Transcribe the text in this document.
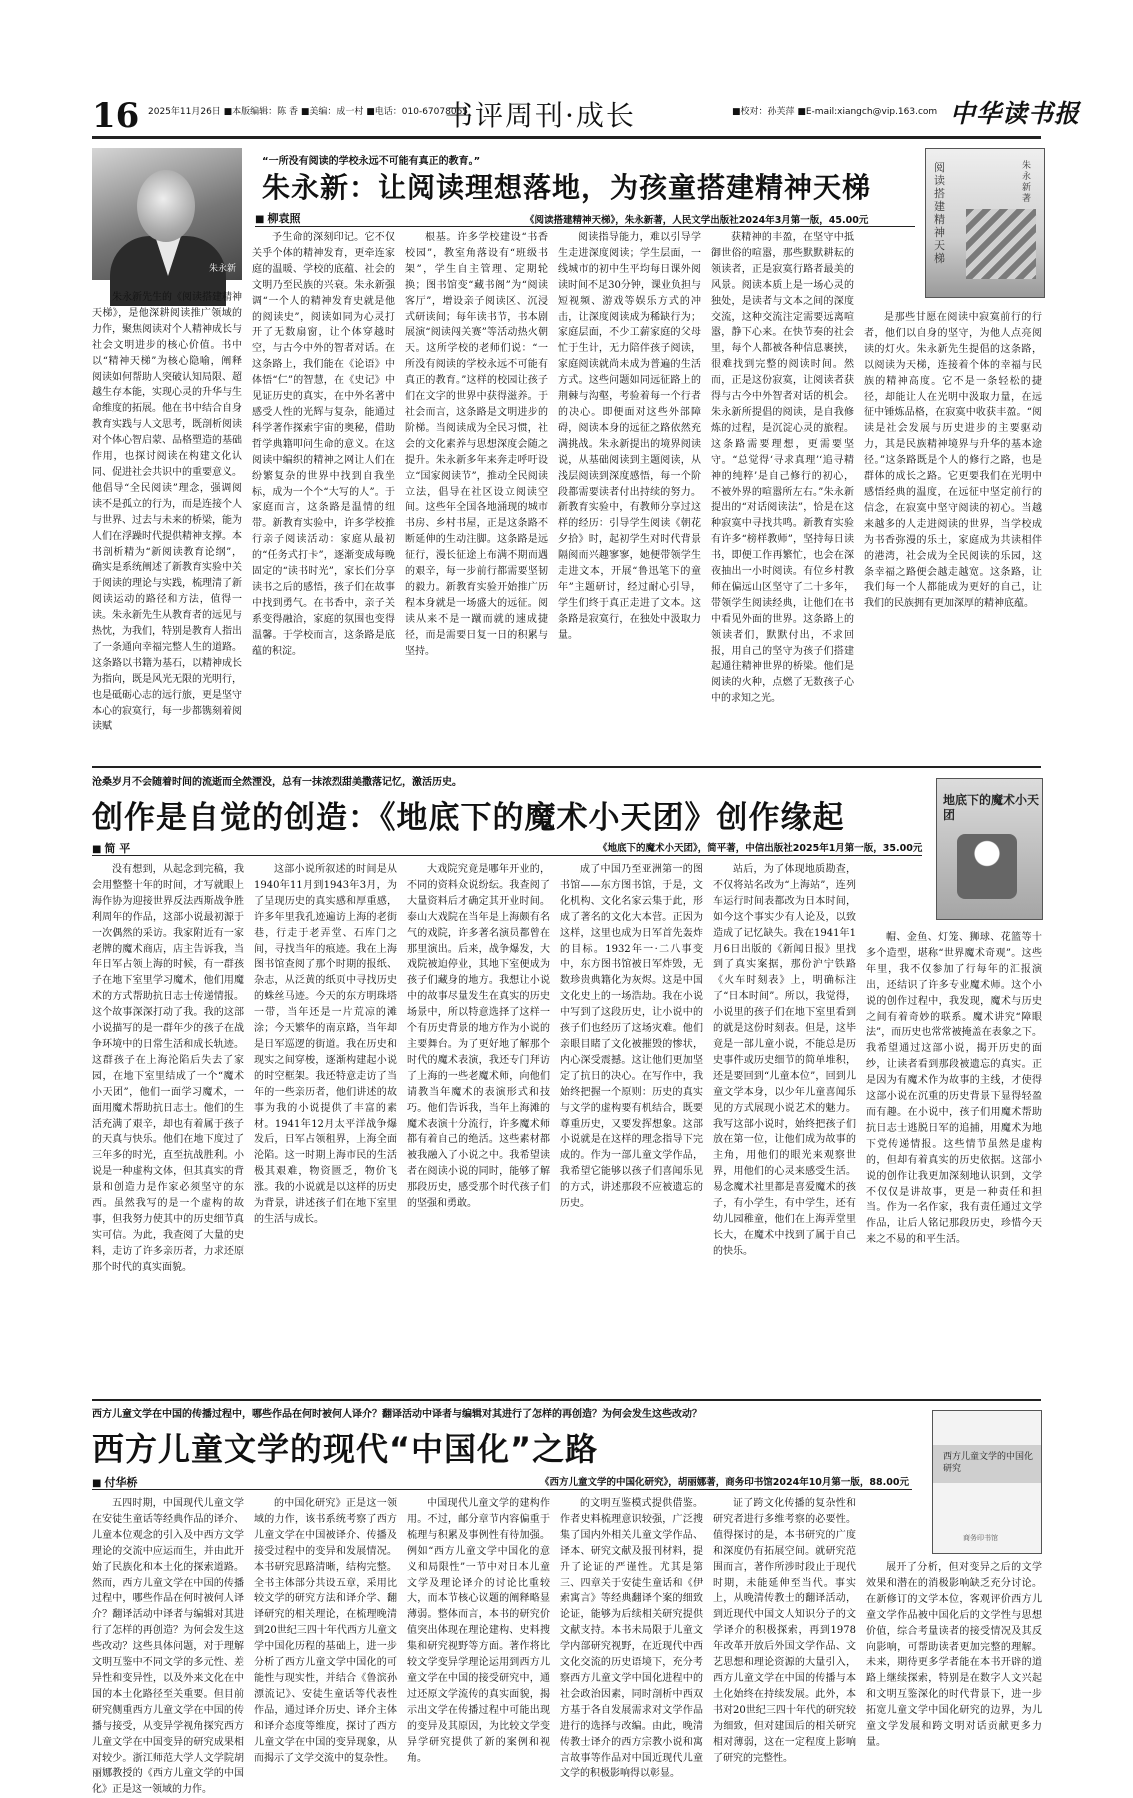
16 2025年11月26日 ■本版编辑：陈 香 ■美编：成一村 ■电话：010-67078065
书评周刊·成长	■校对：孙芙萍 ■E-mail:xiangch@vip.163.com 中华读书报
朱永新
“一所没有阅读的学校永远不可能有真正的教育。”
朱永新：让阅读理想落地，为孩童搭建精神天梯
■ 柳袁照	《阅读搭建精神天梯》，朱永新著，人民文学出版社2024年3月第一版，45.00元
阅读搭建精神天梯
朱永新著
朱永新先生的《阅读搭建精神天梯》，是他深耕阅读推广领域的力作，聚焦阅读对个人精神成长与社会文明进步的核心价值。书中以“精神天梯”为核心隐喻，阐释阅读如何帮助人突破认知局限、超越生存本能，实现心灵的升华与生命维度的拓展。他在书中结合自身教育实践与人文思考，既剖析阅读对个体心智启蒙、品格塑造的基础作用，也探讨阅读在构建文化认同、促进社会共识中的重要意义。他倡导“全民阅读”理念，强调阅读不是孤立的行为，而是连接个人与世界、过去与未来的桥梁，能为人们在浮躁时代提供精神支撑。本书剖析精为“新阅读教育论纲”，确实是系统阐述了新教育实验中关于阅读的理论与实践，梳理清了新阅读运动的路径和方法，值得一读。朱永新先生从教育者的远见与热忱，为我们，特别是教育人指出了一条通向幸福完整人生的道路。这条路以书籍为基石，以精神成长为指向，既是风光无限的光明行，也是砥砺心志的远行旅，更是坚守本心的寂寞行，每一步都镌刻着阅读赋
予生命的深刻印记。它不仅关乎个体的精神发育，更牵连家庭的温暖、学校的底蕴、社会的文明乃至民族的兴衰。朱永新强调“一个人的精神发育史就是他的阅读史”，阅读如同为心灵打开了无数扇窗，让个体穿越时空，与古今中外的智者对话。在这条路上，我们能在《论语》中体悟“仁”的智慧，在《史记》中见证历史的真实，在中外名著中感受人性的光辉与复杂，能通过科学著作探索宇宙的奥秘，借助哲学典籍叩问生命的意义。在这阅读中编织的精神之网让人们在纷繁复杂的世界中找到自我坐标，成为一个个“大写的人”。于家庭而言，这条路是温情的纽带。新教育实验中，许多学校推行亲子阅读活动：家庭从最初的“任务式打卡”，逐渐变成每晚固定的“读书时光”，家长们分享读书之后的感悟，孩子们在故事中找到勇气。在书香中，亲子关系变得融洽，家庭的氛围也变得温馨。于学校而言，这条路是底蕴的积淀。
根基。许多学校建设“书香校园”，教室角落设有“班级书架”，学生自主管理、定期轮换；图书馆变“藏书阁”为“阅读客厅”，增设亲子阅读区、沉浸式研读间；每年读书节，书本剧展演“阅读闯关赛”等活动热火朝天。这所学校的老师们说：“一所没有阅读的学校永远不可能有真正的教育。”这样的校园让孩子们在文字的世界中获得滋养。于社会而言，这条路是文明进步的阶梯。当阅读成为全民习惯，社会的文化素养与思想深度会随之提升。朱永新多年来奔走呼吁设立“国家阅读节”，推动全民阅读立法，倡导在社区设立阅读空间。这些年全国各地涌现的城市书房、乡村书屋，正是这条路不断延伸的生动注脚。这条路是远征行，漫长征途上布满不期而遇的艰辛，每一步前行都需要坚韧的毅力。新教育实验开始推广历程本身就是一场盛大的远征。阅读从来不是一蹴而就的速成捷径，而是需要日复一日的积累与坚持。
阅读指导能力，难以引导学生走进深度阅读；学生层面，一线城市的初中生平均每日课外阅读时间不足30分钟，课业负担与短视频、游戏等娱乐方式的冲击，让深度阅读成为稀缺行为；家庭层面，不少工薪家庭的父母忙于生计，无力陪伴孩子阅读，家庭阅读就尚未成为普遍的生活方式。这些问题如同远征路上的荆棘与沟壑，考验着每一个行者的决心。即便面对这些外部障碍，阅读本身的远征之路依然充满挑战。朱永新提出的境界阅读说，从基础阅读到主题阅读，从浅层阅读到深度感悟，每一个阶段都需要读者付出持续的努力。新教育实验中，有教师分享过这样的经历：引导学生阅读《朝花夕拾》时，起初学生对时代背景隔阂而兴趣寥寥，她便带领学生走进文本，开展“鲁迅笔下的童年”主题研讨，经过耐心引导，学生们终于真正走进了文本。这条路是寂寞行，在独处中汲取力量。
获精神的丰盈，在坚守中抵御世俗的喧嚣，那些默默耕耘的领读者，正是寂寞行路者最美的风景。阅读本质上是一场心灵的独处，是读者与文本之间的深度交流，这种交流注定需要远离喧嚣，静下心来。在快节奏的社会里，每个人都被各种信息裹挟，很难找到完整的阅读时间。然而，正是这份寂寞，让阅读者获得与古今中外智者对话的机会。朱永新所提倡的阅读，是自我修炼的过程，是沉淀心灵的旅程。这条路需要理想，更需要坚守。“总觉得‘寻求真理’‘追寻精神的纯粹’是自己修行的初心，不被外界的喧嚣所左右。”朱永新提出的“对话阅读法”，恰是在这种寂寞中寻找共鸣。新教育实验有许多“榜样教师”，坚持每日读书，即便工作再繁忙，也会在深夜抽出一小时阅读。有位乡村教师在偏远山区坚守了二十多年，带领学生阅读经典，让他们在书中看见外面的世界。这条路上的领读者们，默默付出，不求回报，用自己的坚守为孩子们搭建起通往精神世界的桥梁。他们是阅读的火种，点燃了无数孩子心中的求知之光。
是那些甘愿在阅读中寂寞前行的行者，他们以自身的坚守，为他人点亮阅读的灯火。朱永新先生提倡的这条路，以阅读为天梯，连接着个体的幸福与民族的精神高度。它不是一条轻松的捷径，却能让人在光明中汲取力量，在远征中锤炼品格，在寂寞中收获丰盈。“阅读是社会发展与历史进步的主要驱动力，其是民族精神境界与升华的基本途径。”这条路既是个人的修行之路，也是群体的成长之路。它更要我们在光明中感悟经典的温度，在远征中坚定前行的信念，在寂寞中坚守阅读的初心。当越来越多的人走进阅读的世界，当学校成为书香弥漫的乐土，家庭成为共读相伴的港湾，社会成为全民阅读的乐园，这条幸福之路便会越走越宽。这条路，让我们每一个人都能成为更好的自己，让我们的民族拥有更加深厚的精神底蕴。
沧桑岁月不会随着时间的流逝而全然湮没，总有一抹浓烈甜美撒落记忆，激活历史。
创作是自觉的创造：《地底下的魔术小天团》创作缘起
■ 简 平	《地底下的魔术小天团》，简平著，中信出版社2025年1月第一版，35.00元
地底下的魔术小天团
没有想到，从起念到完稿，我会用整整十年的时间，才写就眼上海作协为迎接世界反法西斯战争胜利周年的作品，这部小说最初源于一次偶然的采访。我家附近有一家老牌的魔术商店，店主告诉我，当年日军占领上海的时候，有一群孩子在地下室里学习魔术，他们用魔术的方式帮助抗日志士传递情报。这个故事深深打动了我。我的这部小说描写的是一群年少的孩子在战争环境中的日常生活和成长轨迹。这群孩子在上海沦陷后失去了家园，在地下室里结成了一个“魔术小天团”，他们一面学习魔术，一面用魔术帮助抗日志士。他们的生活充满了艰辛，却也有着属于孩子的天真与快乐。他们在地下度过了三年多的时光，直至抗战胜利。小说是一种虚构文体，但其真实的背景和创造力是作家必须坚守的东西。虽然我写的是一个虚构的故事，但我努力使其中的历史细节真实可信。为此，我查阅了大量的史料，走访了许多亲历者，力求还原那个时代的真实面貌。
这部小说所叙述的时间是从1940年11月到1943年3月，为了呈现历史的真实感和厚重感，许多年里我孔迹遍访上海的老街巷，行走于老弄堂、石库门之间，寻找当年的痕迹。我在上海图书馆查阅了那个时期的报纸、杂志，从泛黄的纸页中寻找历史的蛛丝马迹。今天的东方明珠塔一带，当年还是一片荒凉的滩涂；今天繁华的南京路，当年却是日军巡逻的街道。我在历史和现实之间穿梭，逐渐构建起小说的时空框架。我还特意走访了当年的一些亲历者，他们讲述的故事为我的小说提供了丰富的素材。1941年12月太平洋战争爆发后，日军占领租界，上海全面沦陷。这一时期上海市民的生活极其艰难，物资匮乏，物价飞涨。我的小说就是以这样的历史为背景，讲述孩子们在地下室里的生活与成长。
大戏院究竟是哪年开业的，不同的资料众说纷纭。我查阅了大量资料后才确定其开业时间。泰山大戏院在当年是上海颇有名气的戏院，许多著名演员都曾在那里演出。后来，战争爆发，大戏院被迫停业，其地下室便成为孩子们藏身的地方。我想让小说中的故事尽量发生在真实的历史场景中，所以特意选择了这样一个有历史背景的地方作为小说的主要舞台。为了更好地了解那个时代的魔术表演，我还专门拜访了上海的一些老魔术师，向他们请教当年魔术的表演形式和技巧。他们告诉我，当年上海滩的魔术表演十分流行，许多魔术师都有着自己的绝活。这些素材都被我融入了小说之中。我希望读者在阅读小说的同时，能够了解那段历史，感受那个时代孩子们的坚强和勇敢。
成了中国乃至亚洲第一的图书馆——东方图书馆，于是，文化机构、文化名家云集于此，形成了著名的文化大本营。正因为这样，这里也成为日军首先轰炸的目标。1932年一·二八事变中，东方图书馆被日军炸毁，无数珍贵典籍化为灰烬。这是中国文化史上的一场浩劫。我在小说中写到了这段历史，让小说中的孩子们也经历了这场灾难。他们亲眼目睹了文化被摧毁的惨状，内心深受震撼。这让他们更加坚定了抗日的决心。在写作中，我始终把握一个原则：历史的真实与文学的虚构要有机结合，既要尊重历史，又要发挥想象。这部小说就是在这样的理念指导下完成的。作为一部儿童文学作品，我希望它能够以孩子们喜闻乐见的方式，讲述那段不应被遗忘的历史。
站后，为了体现地质勘查，不仅将站名改为“上海站”，连列车运行时间表都改为日本时间，如今这个事实少有人论及，以致造成了记忆缺失。我在1941年1月6日出版的《新闻日报》里找到了真实案据，那份沪宁铁路《火车时刻表》上，明确标注了“日本时间”。所以，我觉得，小说里的孩子们在地下室里看到的就是这份时刻表。但是，这毕竟是一部儿童小说，不能总是历史事件或历史细节的简单堆积，还是要回到“儿童本位”，回到儿童文学本身，以少年儿童喜闻乐见的方式展现小说艺术的魅力。我写这部小说时，始终把孩子们放在第一位，让他们成为故事的主角，用他们的眼光来观察世界，用他们的心灵来感受生活。易念魔术社里都是喜爱魔术的孩子，有小学生，有中学生，还有幼儿园稚童，他们在上海弄堂里长大，在魔术中找到了属于自己的快乐。
帽、金鱼、灯笼、狮球、花篮等十多个造型，堪称“世界魔术奇观”。这些年里，我不仅参加了行每年的汇报演出，还结识了许多专业魔术师。这个小说的创作过程中，我发现，魔术与历史之间有着奇妙的联系。魔术讲究“障眼法”，而历史也常常被掩盖在表象之下。我希望通过这部小说，揭开历史的面纱，让读者看到那段被遗忘的真实。正是因为有魔术作为故事的主线，才使得这部小说在沉重的历史背景下显得轻盈而有趣。在小说中，孩子们用魔术帮助抗日志士逃脱日军的追捕，用魔术为地下党传递情报。这些情节虽然是虚构的，但却有着真实的历史依据。这部小说的创作让我更加深刻地认识到，文学不仅仅是讲故事，更是一种责任和担当。作为一名作家，我有责任通过文学作品，让后人铭记那段历史，珍惜今天来之不易的和平生活。
西方儿童文学在中国的传播过程中，哪些作品在何时被何人译介？翻译活动中译者与编辑对其进行了怎样的再创造？为何会发生这些改动？
西方儿童文学的现代“中国化”之路
■ 付华桥	《西方儿童文学的中国化研究》，胡丽娜著，商务印书馆2024年10月第一版，88.00元
西方儿童文学的中国化研究
商务印书馆
五四时期，中国现代儿童文学在安徒生童话等经典作品的译介、儿童本位观念的引入及中西方文学理论的交流中应运而生，并由此开始了民族化和本土化的探索道路。然而，西方儿童文学在中国的传播过程中，哪些作品在何时被何人译介？翻译活动中译者与编辑对其进行了怎样的再创造？为何会发生这些改动？这些具体问题，对于理解文明互鉴中不同文学的多元性、差异性和变异性，以及外来文化在中国的本土化路径至关重要。但目前研究侧重西方儿童文学在中国的传播与接受，从变异学视角探究西方儿童文学在中国变异的研究成果相对较少。浙江师范大学人文学院胡丽娜教授的《西方儿童文学的中国化》正是这一领域的力作。
的中国化研究》正是这一领域的力作，该书系统考察了西方儿童文学在中国被译介、传播及接受过程中的变异和发展情况。本书研究思路清晰，结构完整。全书主体部分共设五章，采用比较文学的研究方法和译介学、翻译研究的相关理论，在梳理晚清到20世纪三四十年代西方儿童文学中国化历程的基础上，进一步分析了西方儿童文学中国化的可能性与现实性，并结合《鲁滨孙漂流记》、安徒生童话等代表性作品，通过译介历史、译介主体和译介态度等维度，探讨了西方儿童文学在中国的变异现象，从而揭示了文学交流中的复杂性。
中国现代儿童文学的建构作用。不过，邮分章节内容偏重于梳理与积累及事例性有待加强。例如“西方儿童文学中国化的意义和局限性”一节中对日本儿童文学及理论译介的讨论比重较大，而本节核心议题的阐释略显薄弱。整体而言，本书的研究价值突出体现在理论建构、史料搜集和研究视野等方面。著作将比较文学变异学理论运用到西方儿童文学在中国的接受研究中，通过还原文学流传的真实面貌，揭示出文学在传播过程中可能出现的变异及其原因，为比较文学变异学研究提供了新的案例和视角。
的文明互鉴模式提供借鉴。作者史料梳理意识较强，广泛搜集了国内外相关儿童文学作品、译本、研究文献及报刊材料，提升了论证的严谨性。尤其是第三、四章关于安徒生童话和《伊索寓言》等经典翻译个案的细致论证，能够为后续相关研究提供文献支持。本书未局限于儿童文学内部研究视野，在近现代中西文化交流的历史语境下，充分考察西方儿童文学中国化进程中的社会政治因素，同时剖析中西双方基于各自发展需求对文学作品进行的选择与改编。由此，晚清传教士译介的西方宗教小说和寓言故事等作品对中国近现代儿童文学的积极影响得以彰显。
证了跨文化传播的复杂性和研究者进行多维考察的必要性。值得探讨的是，本书研究的广度和深度仍有拓展空间。就研究范围而言，著作所涉时段止于现代时期，未能延伸至当代。事实上，从晚清传教士的翻译活动，到近现代中国文人知识分子的文学译介的积极探索，再到1978年改革开放后外国文学作品、文艺思想和理论资源的大量引入，西方儿童文学在中国的传播与本土化始终在持续发展。此外，本书对20世纪三四十年代的研究较为细致，但对建国后的相关研究相对薄弱，这在一定程度上影响了研究的完整性。
展开了分析，但对变异之后的文学效果和潜在的消极影响缺乏充分讨论。在新修订的文学本位，客观评价西方儿童文学作品被中国化后的文学性与思想价值，综合考量读者的接受情况及其反向影响，可帮助读者更加完整的理解。未来，期待更多学者能在本书开辟的道路上继续探索，特别是在数字人文兴起和文明互鉴深化的时代背景下，进一步拓宽儿童文学中国化研究的边界，为儿童文学发展和跨文明对话贡献更多力量。
